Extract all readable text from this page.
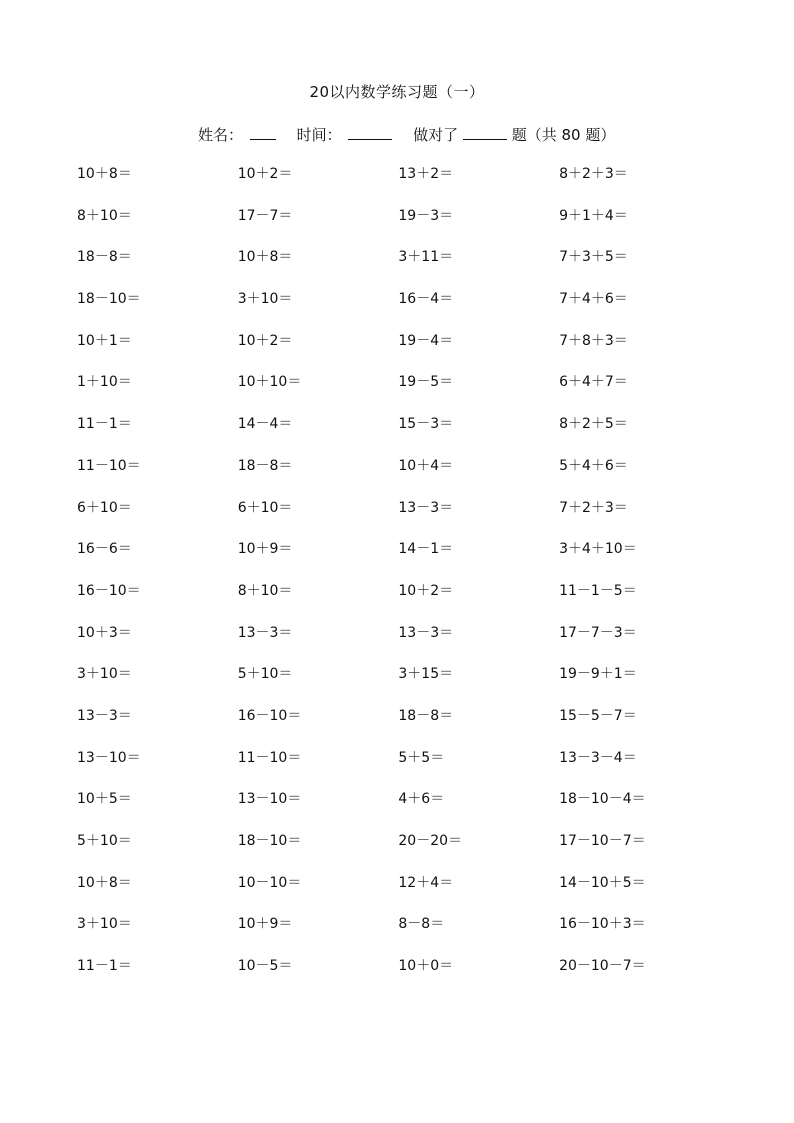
20以内数学练习题（一）
姓名：	时间：	做对了	题（共 80 题）
10＋8＝	10＋2＝	13＋2＝	8＋2＋3＝
8＋10＝	17－7＝	19－3＝	9＋1＋4＝
18－8＝	10＋8＝	3＋11＝	7＋3＋5＝
18－10＝	3＋10＝	16－4＝	7＋4＋6＝
10＋1＝	10＋2＝	19－4＝	7＋8＋3＝
1＋10＝	10＋10＝	19－5＝	6＋4＋7＝
11－1＝	14－4＝	15－3＝	8＋2＋5＝
11－10＝	18－8＝	10＋4＝	5＋4＋6＝
6＋10＝	6＋10＝	13－3＝	7＋2＋3＝
16－6＝	10＋9＝	14－1＝	3＋4＋10＝
16－10＝	8＋10＝	10＋2＝	11－1－5＝
10＋3＝	13－3＝	13－3＝	17－7－3＝
3＋10＝	5＋10＝	3＋15＝	19－9＋1＝
13－3＝	16－10＝	18－8＝	15－5－7＝
13－10＝	11－10＝	5＋5＝	13－3－4＝
10＋5＝	13－10＝	4＋6＝	18－10－4＝
5＋10＝	18－10＝	20－20＝	17－10－7＝
10＋8＝	10－10＝	12＋4＝	14－10＋5＝
3＋10＝	10＋9＝	8－8＝	16－10＋3＝
11－1＝	10－5＝	10＋0＝	20－10－7＝
